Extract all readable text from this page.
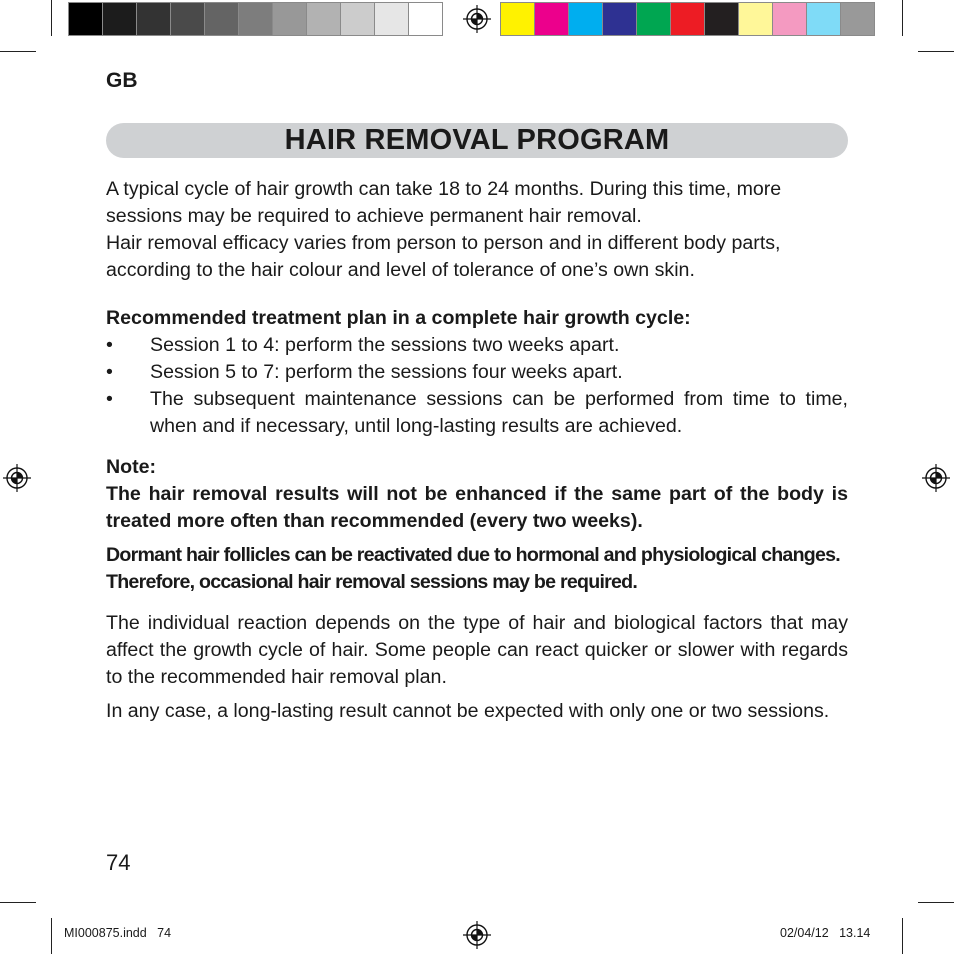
GB
HAIR REMOVAL PROGRAM

A typical cycle of hair growth can take 18 to 24 months. During this time, more sessions may be required to achieve permanent hair removal.

Hair removal efficacy varies from person to person and in different body parts, according to the hair colour and level of tolerance of one’s own skin.

Recommended treatment plan in a complete hair growth cycle:
•	Session 1 to 4: perform the sessions two weeks apart.
•	Session 5 to 7: perform the sessions four weeks apart.
•	The subsequent maintenance sessions can be performed from time to time, when and if necessary, until long-lasting results are achieved.
Note:
The hair removal results will not be enhanced if the same part of the body is treated more often than recommended (every two weeks).
Dormant hair follicles can be reactivated due to hormonal and physiological changes. Therefore, occasional hair removal sessions may be required.
The individual reaction depends on the type of hair and biological factors that may affect the growth cycle of hair. Some people can react quicker or slower with regards to the recommended hair removal plan.
In any case, a long-lasting result cannot be expected with only one or two sessions.
74
MI000875.indd   74	02/04/12   13.14
